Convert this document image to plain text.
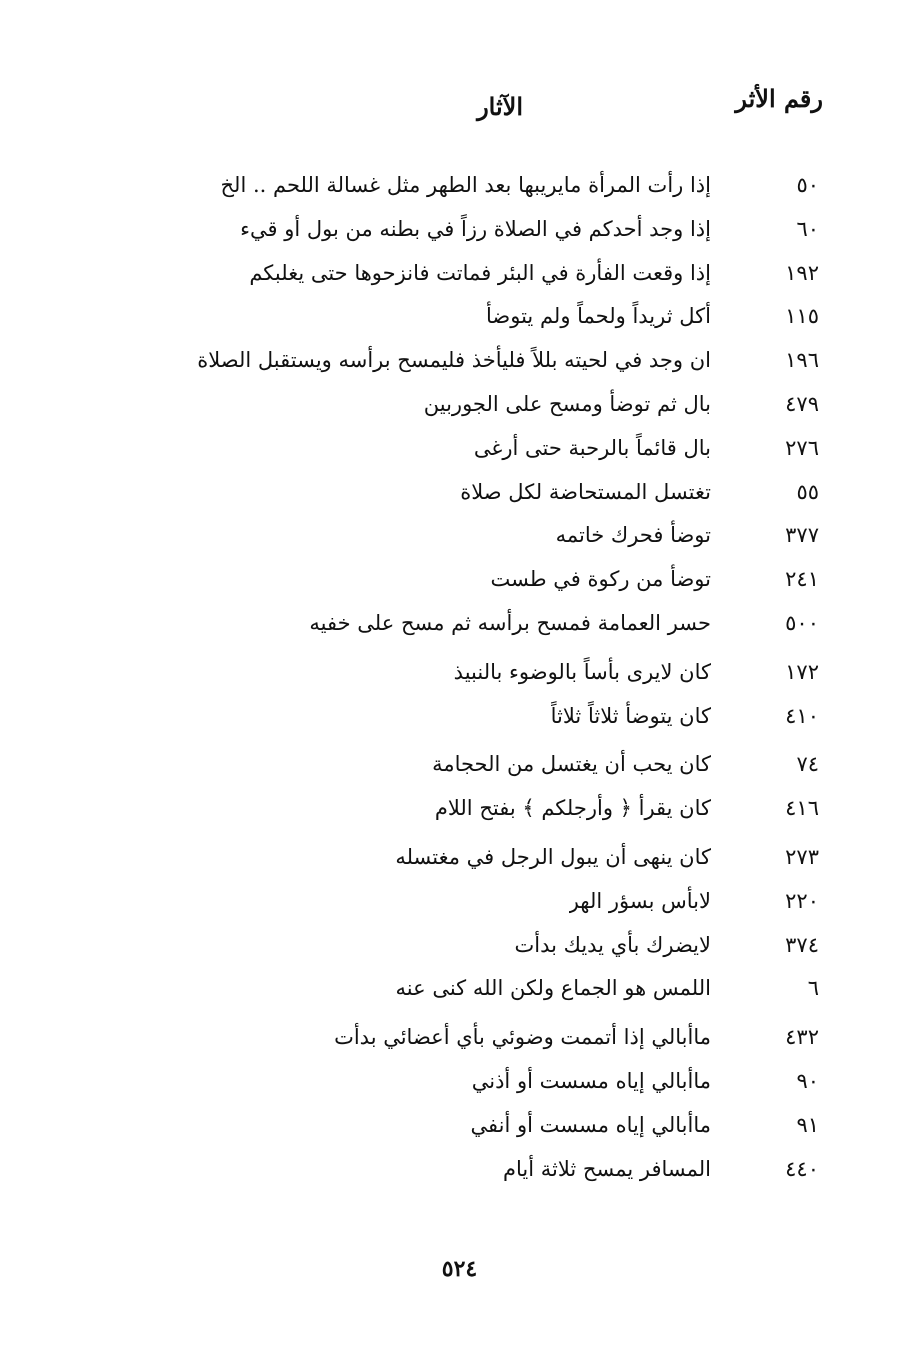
رقم الأثر
الآثار
٥٠
إذا رأت المرأة مايريبها بعد الطهر مثل غسالة اللحم .. الخ
٦٠
إذا وجد أحدكم في الصلاة رزاً في بطنه من بول أو قيء
١٩٢
إذا وقعت الفأرة في البئر فماتت فانزحوها حتى يغلبكم
١١٥
أكل ثريداً ولحماً ولم يتوضأ
١٩٦
ان وجد في لحيته بللاً فليأخذ فليمسح برأسه ويستقبل الصلاة
٤٧٩
بال ثم توضأ ومسح على الجوربين
٢٧٦
بال قائماً بالرحبة حتى أرغى
٥٥
تغتسل المستحاضة لكل صلاة
٣٧٧
توضأ فحرك خاتمه
٢٤١
توضأ من ركوة في طست
٥٠٠
حسر العمامة فمسح برأسه ثم مسح على خفيه
١٧٢
كان لايرى بأساً بالوضوء بالنبيذ
٤١٠
كان يتوضأ ثلاثاً ثلاثاً
٧٤
كان يحب أن يغتسل من الحجامة
٤١٦
كان يقرأ ﴿ وأرجلكم ﴾ بفتح اللام
٢٧٣
كان ينهى أن يبول الرجل في مغتسله
٢٢٠
لابأس بسؤر الهر
٣٧٤
لايضرك بأي يديك بدأت
٦
اللمس هو الجماع ولكن الله كنى عنه
٤٣٢
ماأبالي إذا أتممت وضوئي بأي أعضائي بدأت
٩٠
ماأبالي إياه مسست أو أذني
٩١
ماأبالي إياه مسست أو أنفي
٤٤٠
المسافر يمسح ثلاثة أيام
٥٢٤
